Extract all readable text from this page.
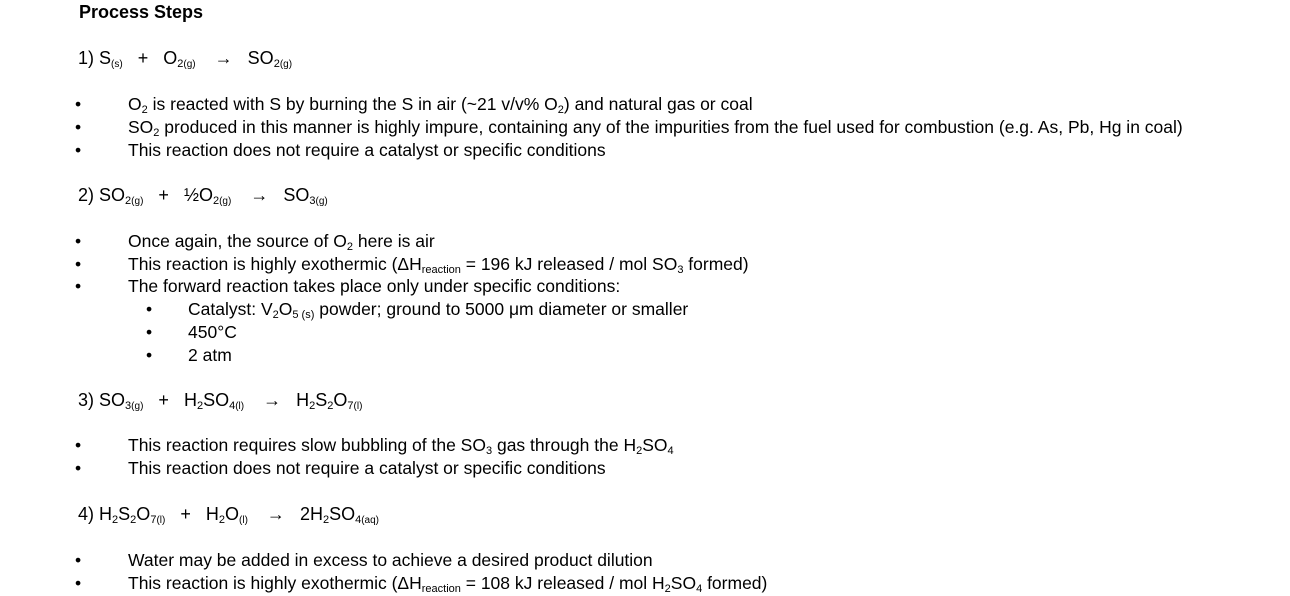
Process Steps
1) $S_{(s)} + O_{2(g)} \to SO_{2(g)}$
•	$O_2$ is reacted with S by burning the S in air (~21 v/v% $O_2$) and natural gas or coal
•	$SO_2$ produced in this manner is highly impure, containing any of the impurities from the fuel used for combustion (e.g. As, Pb, Hg in coal)
•	This reaction does not require a catalyst or specific conditions
2) $SO_{2(g)}$ + $\frac{1}{2}O_{2(g)} \to SO_{3(g)}$
•	Once again, the source of $O_2$ here is air
•	This reaction is highly exothermic ($\Delta H_{reaction} = 196$ kJ released / mol $SO_3$ formed)
•	The forward reaction takes place only under specific conditions:
• Catalyst: $V_2O_{5 (s)}$ powder; ground to 5000 μm diameter or smaller
• 450°C
• 2 atm
3) $SO_{3(g)} + H_2SO_{4(l)} \to H_2S_2O_{7(l)}$
•	This reaction requires slow bubbling of the $SO_3$ gas through the $H_2SO_4$
•	This reaction does not require a catalyst or specific conditions
4) $H_2S_2O_{7(l)} + H_2O_{(l)} \to 2H_2SO_{4(aq)}$
•	Water may be added in excess to achieve a desired product dilution
•	This reaction is highly exothermic ($\Delta H_{reaction} = 108$ kJ released / mol $H_2SO_4$ formed)
